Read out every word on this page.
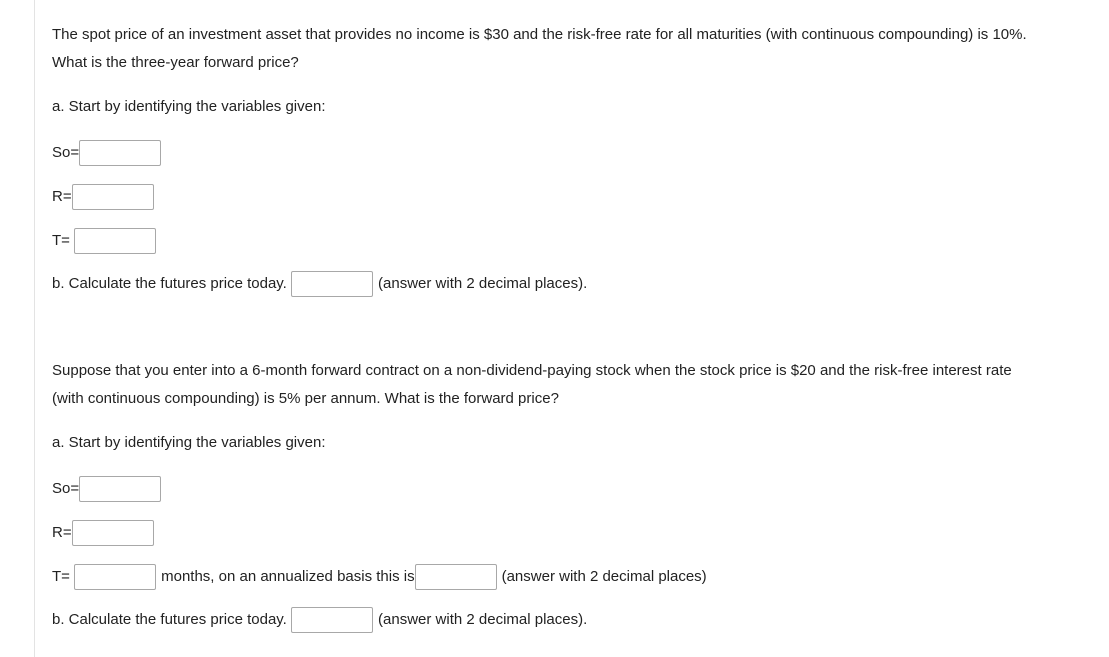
The spot price of an investment asset that provides no income is $30 and the risk-free rate for all maturities (with continuous compounding) is 10%.
What is the three-year forward price?
a. Start by identifying the variables given:
So=
R=
T=
b. Calculate the futures price today.	(answer with 2 decimal places).
Suppose that you enter into a 6-month forward contract on a non-dividend-paying stock when the stock price is $20 and the risk-free interest rate
(with continuous compounding) is 5% per annum. What is the forward price?
a. Start by identifying the variables given:
So=
R=
T=	months, on an annualized basis this is	(answer with 2 decimal places)
b. Calculate the futures price today.	(answer with 2 decimal places).
